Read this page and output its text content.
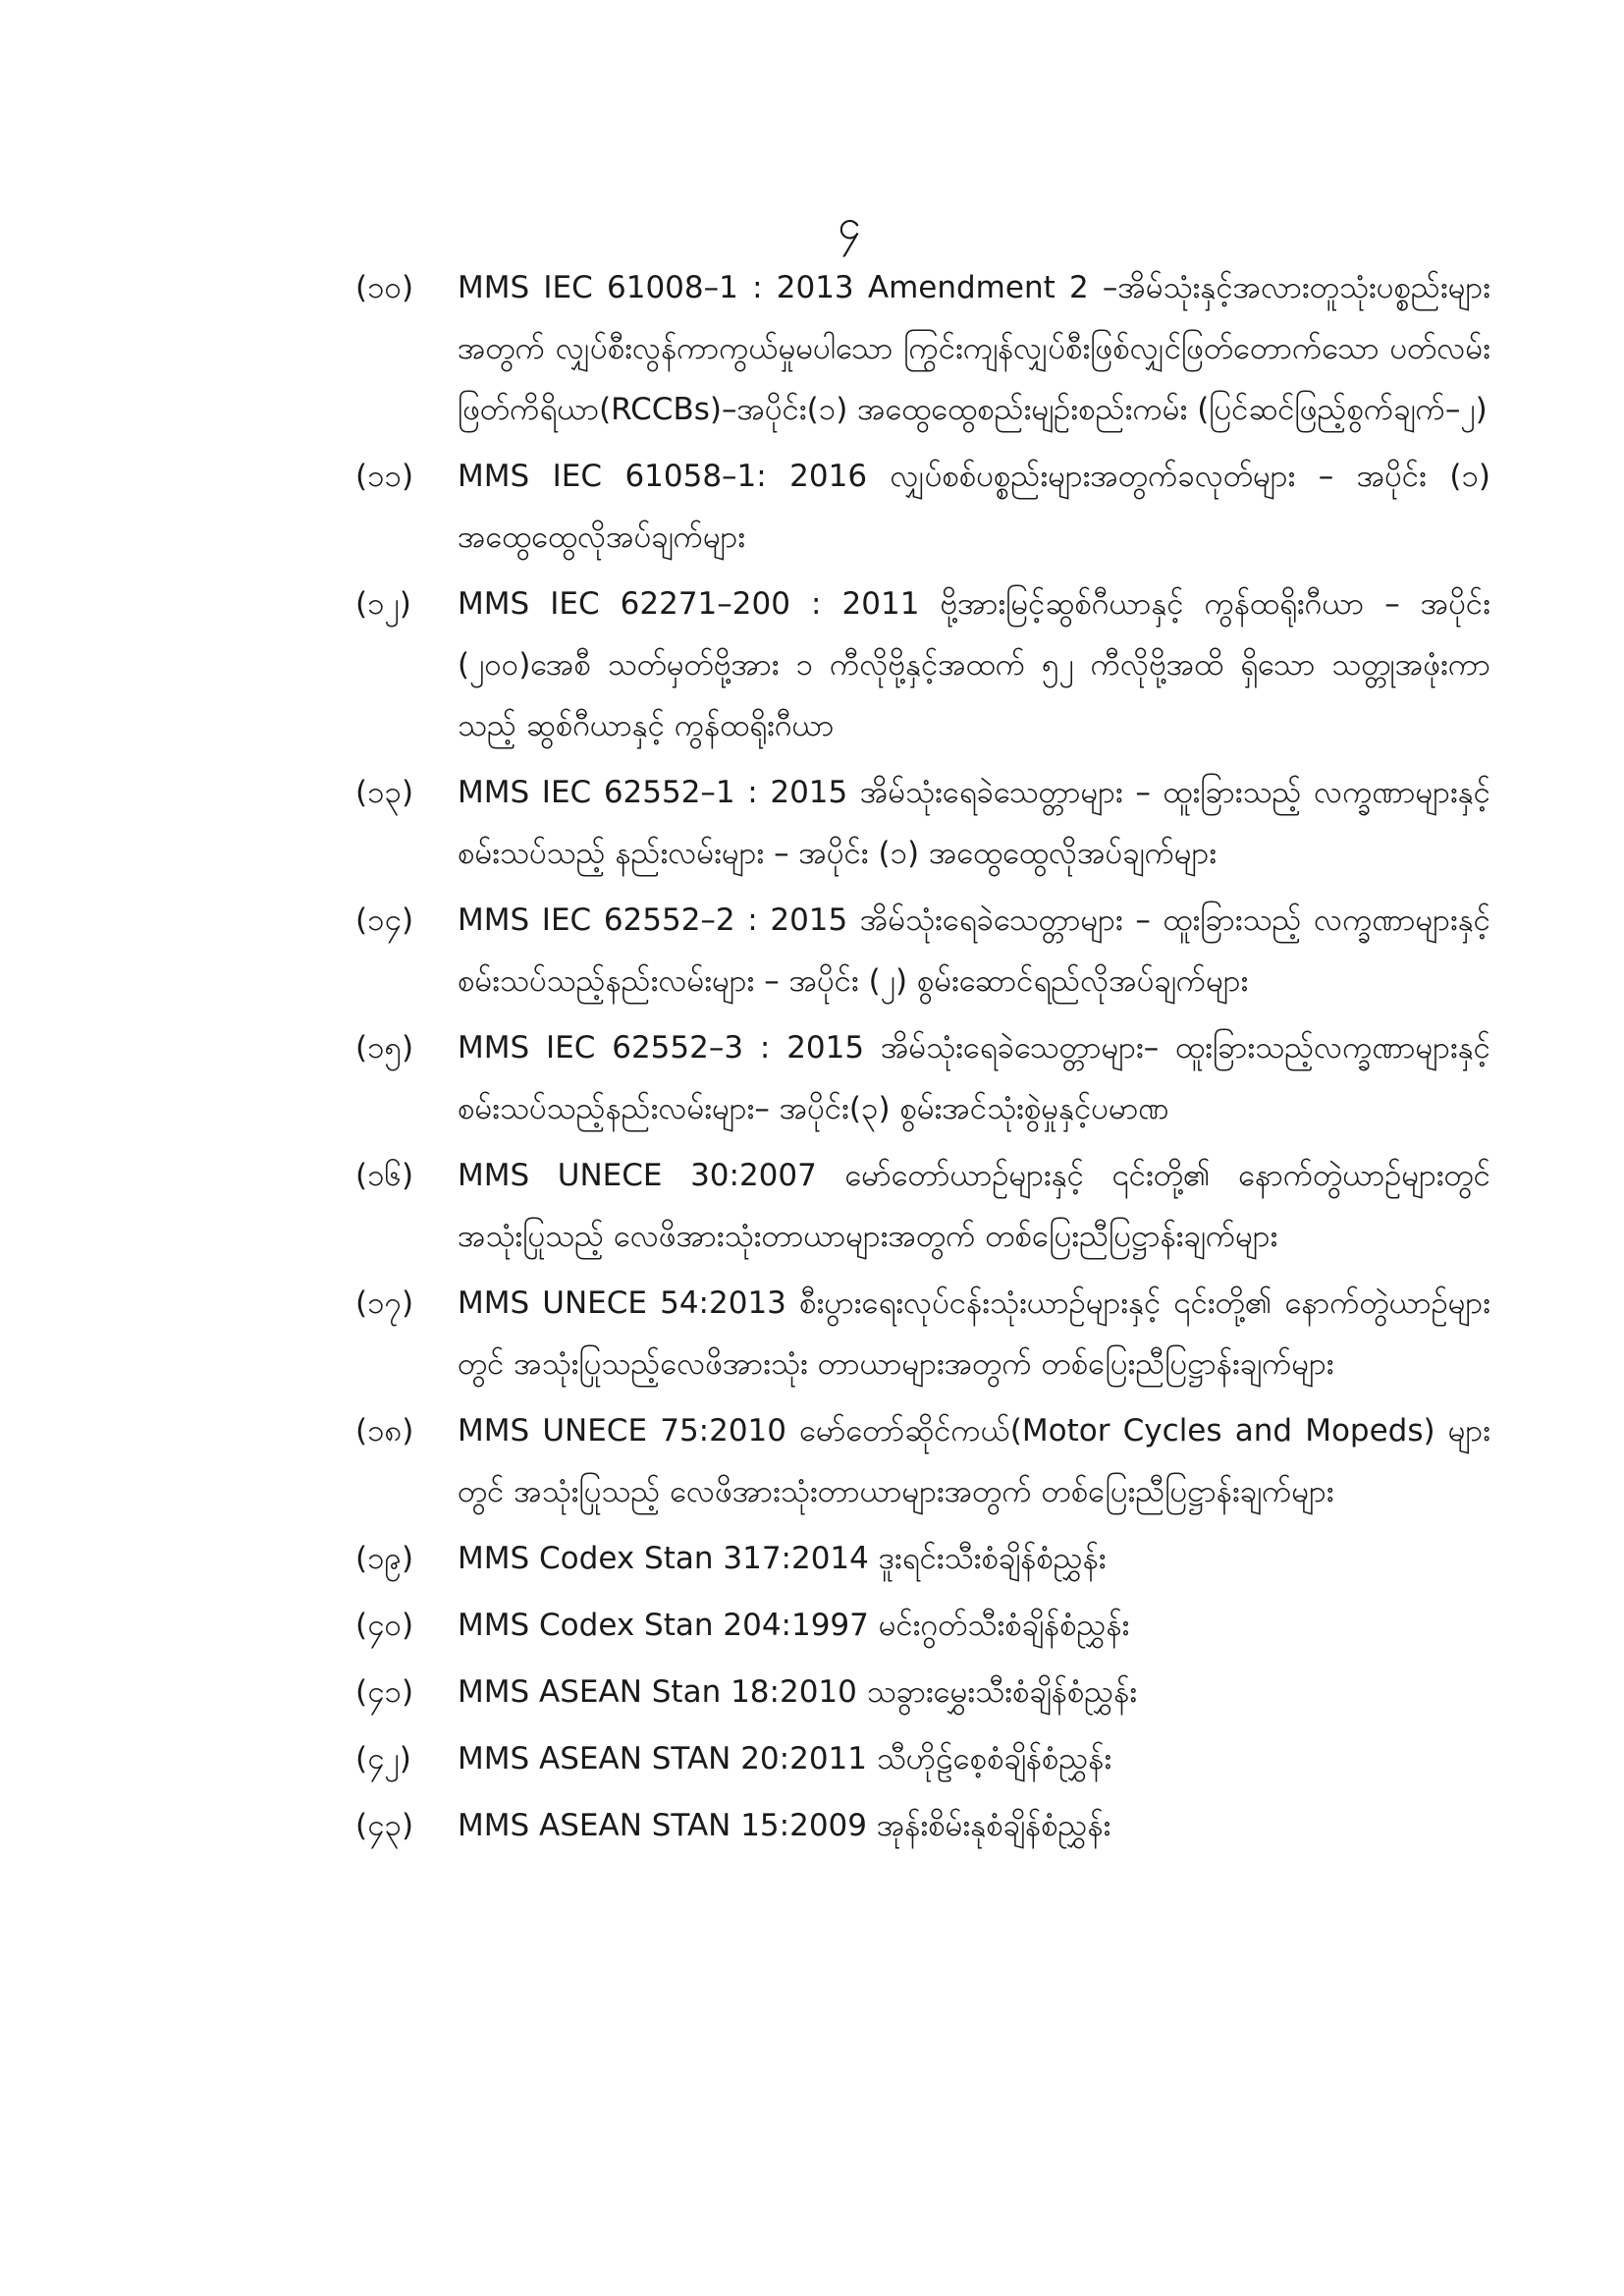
၄
(၁၀)	MMS IEC 61008–1 : 2013 Amendment 2 –အိမ်သုံးနှင့်အလားတူသုံးပစ္စည်းများအတွက် လျှပ်စီးလွန်ကာကွယ်မှုမပါသော ကြွင်းကျန်လျှပ်စီးဖြစ်လျှင်ဖြတ်တောက်သော ပတ်လမ်းဖြတ်ကိရိယာ(RCCBs)–အပိုင်း(၁) အထွေထွေစည်းမျဉ်းစည်းကမ်း (ပြင်ဆင်ဖြည့်စွက်ချက်–၂)
(၁၁)	MMS IEC 61058–1: 2016 လျှပ်စစ်ပစ္စည်းများအတွက်ခလုတ်များ – အပိုင်း (၁) အထွေထွေလိုအပ်ချက်များ
(၁၂)	MMS IEC 62271–200 : 2011 ဗို့အားမြင့်ဆွစ်ဂီယာနှင့် ကွန်ထရိုးဂီယာ – အပိုင်း (၂၀၀)အေစီ သတ်မှတ်ဗို့အား ၁ ကီလိုဗို့နှင့်အထက် ၅၂ ကီလိုဗို့အထိ ရှိသော သတ္တုအဖုံးကာသည့် ဆွစ်ဂီယာနှင့် ကွန်ထရိုးဂီယာ
(၁၃)	MMS IEC 62552–1 : 2015 အိမ်သုံးရေခဲသေတ္တာများ – ထူးခြားသည့် လက္ခဏာများနှင့်စမ်းသပ်သည့် နည်းလမ်းများ – အပိုင်း (၁) အထွေထွေလိုအပ်ချက်များ
(၁၄)	MMS IEC 62552–2 : 2015 အိမ်သုံးရေခဲသေတ္တာများ – ထူးခြားသည့် လက္ခဏာများနှင့် စမ်းသပ်သည့်နည်းလမ်းများ – အပိုင်း (၂) စွမ်းဆောင်ရည်လိုအပ်ချက်များ
(၁၅)	MMS IEC 62552–3 : 2015 အိမ်သုံးရေခဲသေတ္တာများ– ထူးခြားသည့်လက္ခဏာများနှင့်စမ်းသပ်သည့်နည်းလမ်းများ– အပိုင်း(၃) စွမ်းအင်သုံးစွဲမှုနှင့်ပမာဏ
(၁၆)	MMS UNECE 30:2007 မော်တော်ယာဉ်များနှင့် ၎င်းတို့၏ နောက်တွဲယာဉ်များတွင် အသုံးပြုသည့် လေဖိအားသုံးတာယာများအတွက် တစ်ပြေးညီပြဋ္ဌာန်းချက်များ
(၁၇)	MMS UNECE 54:2013 စီးပွားရေးလုပ်ငန်းသုံးယာဉ်များနှင့် ၎င်းတို့၏ နောက်တွဲယာဉ်များတွင် အသုံးပြုသည့်လေဖိအားသုံး တာယာများအတွက် တစ်ပြေးညီပြဋ္ဌာန်းချက်များ
(၁၈)	MMS UNECE 75:2010 မော်တော်ဆိုင်ကယ်(Motor Cycles and Mopeds) များတွင် အသုံးပြုသည့် လေဖိအားသုံးတာယာများအတွက် တစ်ပြေးညီပြဋ္ဌာန်းချက်များ
(၁၉)	MMS Codex Stan 317:2014 ဒူးရင်းသီးစံချိန်စံညွှန်း
(၄၀)	MMS Codex Stan 204:1997 မင်းဂွတ်သီးစံချိန်စံညွှန်း
(၄၁)	MMS ASEAN Stan 18:2010 သခွားမွှေးသီးစံချိန်စံညွှန်း
(၄၂)	MMS ASEAN STAN 20:2011 သီဟိုဠ်စေ့စံချိန်စံညွှန်း
(၄၃)	MMS ASEAN STAN 15:2009 အုန်းစိမ်းနုစံချိန်စံညွှန်း
